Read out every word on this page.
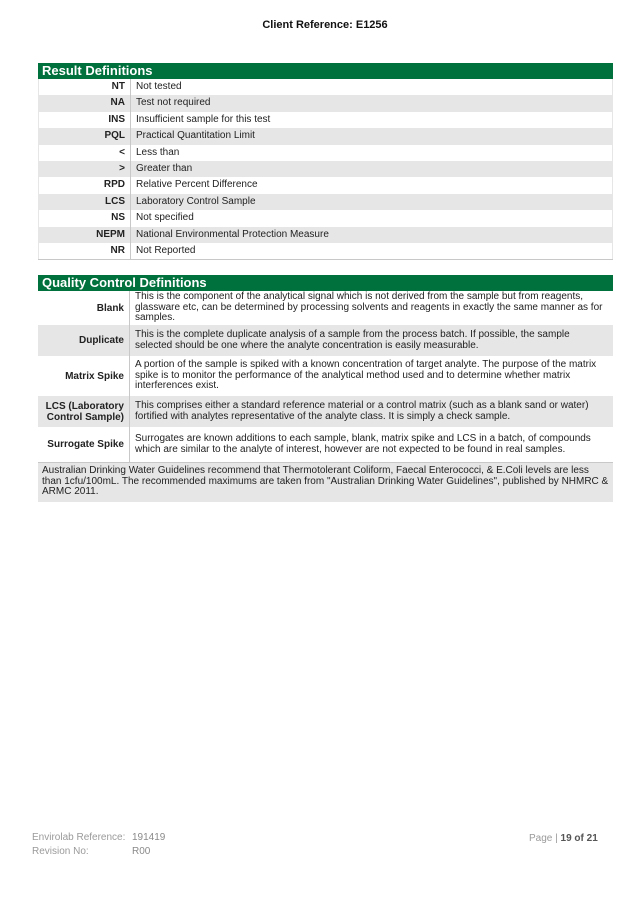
Client Reference: E1256
Result Definitions
NT	Not tested
NA	Test not required
INS	Insufficient sample for this test
PQL	Practical Quantitation Limit
<	Less than
>	Greater than
RPD	Relative Percent Difference
LCS	Laboratory Control Sample
NS	Not specified
NEPM	National Environmental Protection Measure
NR	Not Reported
Quality Control Definitions
Blank	This is the component of the analytical signal which is not derived from the sample but from reagents, glassware etc, can be determined by processing solvents and reagents in exactly the same manner as for samples.
Duplicate	This is the complete duplicate analysis of a sample from the process batch. If possible, the sample selected should be one where the analyte concentration is easily measurable.
Matrix Spike	A portion of the sample is spiked with a known concentration of target analyte. The purpose of the matrix spike is to monitor the performance of the analytical method used and to determine whether matrix interferences exist.
LCS (Laboratory Control Sample)	This comprises either a standard reference material or a control matrix (such as a blank sand or water) fortified with analytes representative of the analyte class. It is simply a check sample.
Surrogate Spike	Surrogates are known additions to each sample, blank, matrix spike and LCS in a batch, of compounds which are similar to the analyte of interest, however are not expected to be found in real samples.
Australian Drinking Water Guidelines recommend that Thermotolerant Coliform, Faecal Enterococci, & E.Coli levels are less than 1cfu/100mL. The recommended maximums are taken from "Australian Drinking Water Guidelines", published by NHMRC & ARMC 2011.
Envirolab Reference: 191419
Revision No:	R00
Page | 19 of 21
